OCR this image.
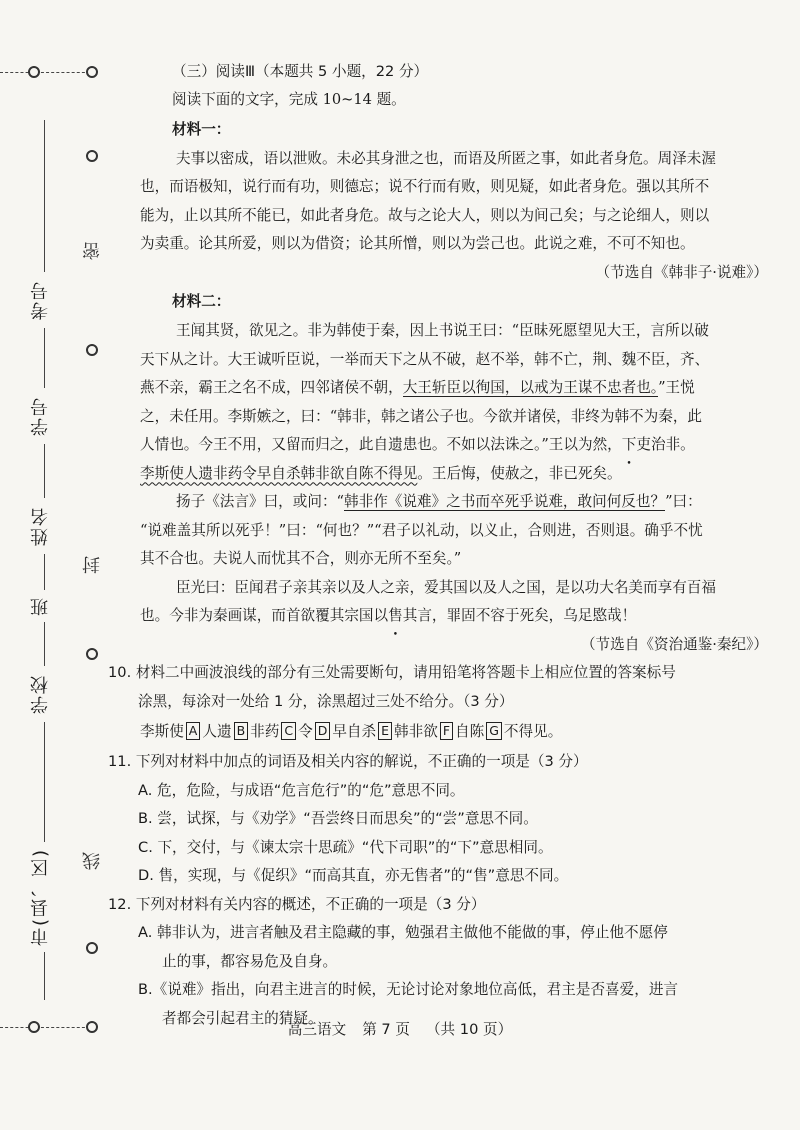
考号
学号
姓名
班
学校
市(县、区)
密
封
线
（三）阅读Ⅲ（本题共 5 小题，22 分）
阅读下面的文字，完成 10~14 题。
材料一：
夫事以密成，语以泄败。未必其身泄之也，而语及所匿之事，如此者身危。周泽未渥
也，而语极知，说行而有功，则德忘；说不行而有败，则见疑，如此者身危。强以其所不
能为，止以其所不能已，如此者身危。故与之论大人，则以为间己矣；与之论细人，则以
为卖重。论其所爱，则以为借资；论其所憎，则以为尝己也。此说之难，不可不知也。
（节选自《韩非子·说难》）
材料二：
王闻其贤，欲见之。非为韩使于秦，因上书说王曰：“臣昧死愿望见大王，言所以破
天下从之计。大王诚听臣说，一举而天下之从不破，赵不举，韩不亡，荆、魏不臣，齐、
燕不亲，霸王之名不成，四邻诸侯不朝，大王斩臣以徇国，以戒为王谋不忠者也。”王悦
之，未任用。李斯嫉之，曰：“韩非，韩之诸公子也。今欲并诸侯，非终为韩不为秦，此
人情也。今王不用，又留而归之，此自遗患也。不如以法诛之。”王以为然，下吏治非。
李斯使人遗非药令早自杀韩非欲自陈不得见。王后悔，使赦之，非已死矣。
扬子《法言》曰，或问：“韩非作《说难》之书而卒死乎说难，敢问何反也？”曰：
“说难盖其所以死乎！”曰：“何也？”“君子以礼动，以义止，合则进，否则退。确乎不忧
其不合也。夫说人而忧其不合，则亦无所不至矣。”
臣光曰：臣闻君子亲其亲以及人之亲，爱其国以及人之国，是以功大名美而享有百福
也。今非为秦画谋，而首欲覆其宗国以售其言，罪固不容于死矣，乌足愍哉！
（节选自《资治通鉴·秦纪》）
10. 材料二中画波浪线的部分有三处需要断句，请用铅笔将答题卡上相应位置的答案标号
涂黑，每涂对一处给 1 分，涂黑超过三处不给分。（3 分）
李斯使 A 人遗 B 非药 C 令 D 早自杀 E 韩非欲 F 自陈 G 不得见。
11. 下列对材料中加点的词语及相关内容的解说，不正确的一项是（3 分）
A. 危，危险，与成语“危言危行”的“危”意思不同。
B. 尝，试探，与《劝学》“吾尝终日而思矣”的“尝”意思不同。
C. 下，交付，与《谏太宗十思疏》“代下司职”的“下”意思相同。
D. 售，实现，与《促织》“而高其直，亦无售者”的“售”意思不同。
12. 下列对材料有关内容的概述，不正确的一项是（3 分）
A. 韩非认为，进言者触及君主隐藏的事，勉强君主做他不能做的事，停止他不愿停
止的事，都容易危及自身。
B.《说难》指出，向君主进言的时候，无论讨论对象地位高低，君主是否喜爱，进言
者都会引起君主的猜疑。
高三语文 第 7 页 （共 10 页）
